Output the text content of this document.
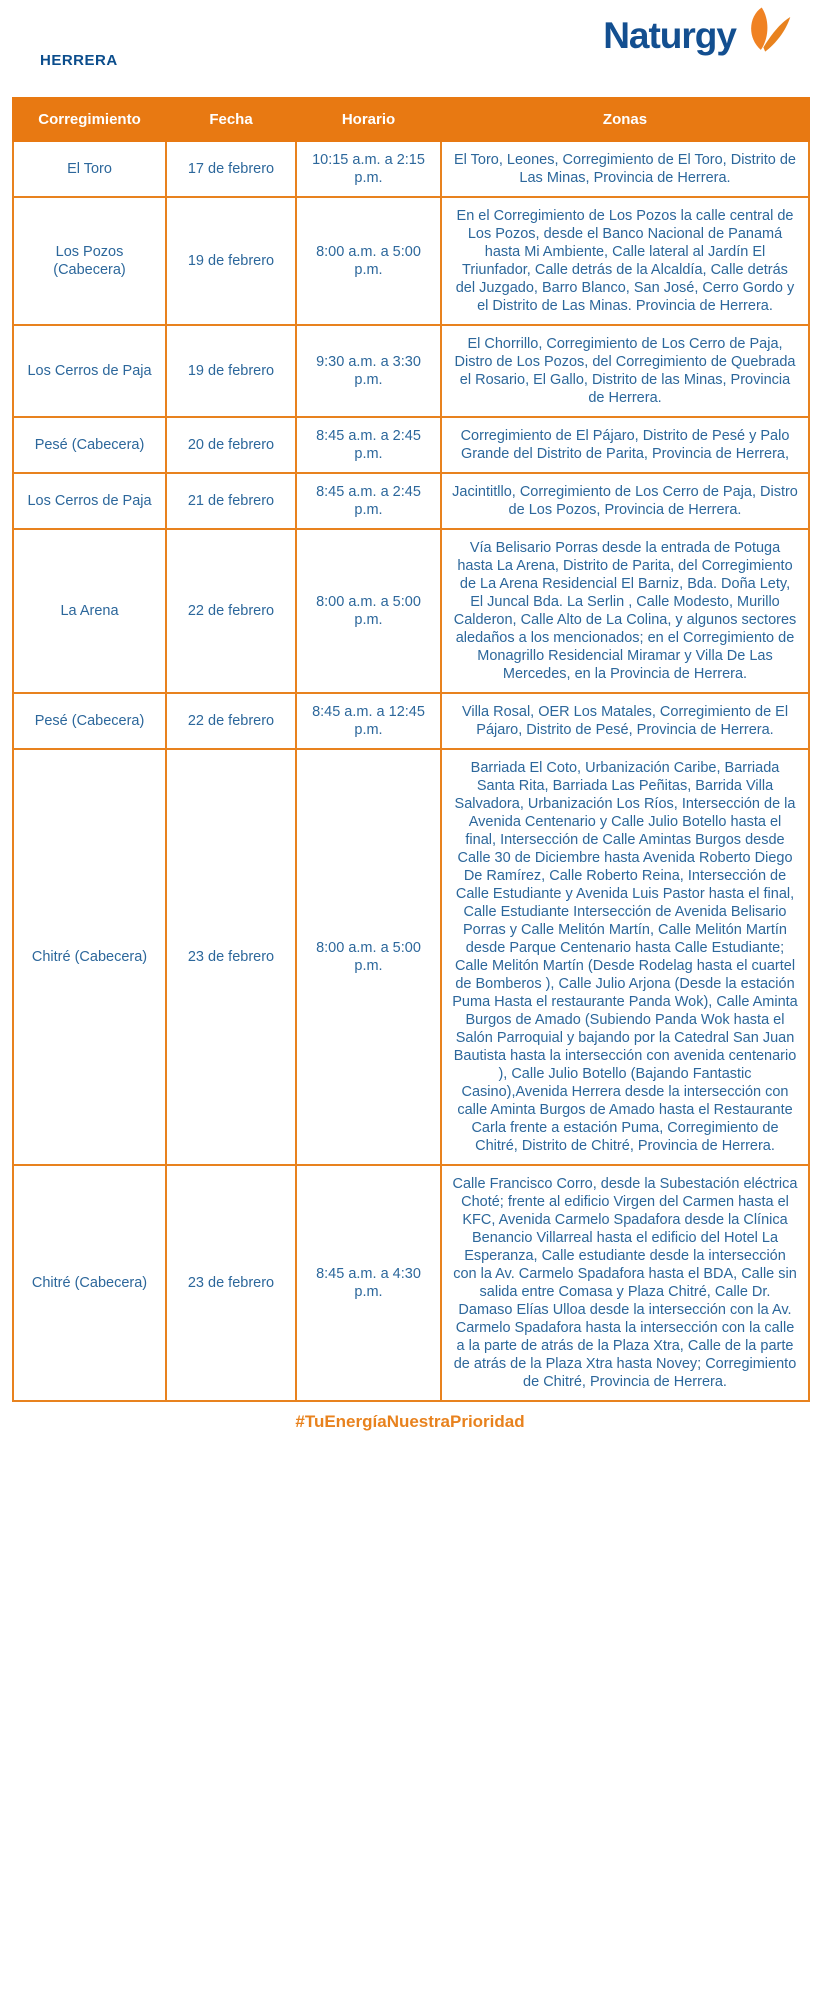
HERRERA
Naturgy
Corregimiento	Fecha	Horario	Zonas
El Toro	17 de febrero	10:15 a.m. a 2:15 p.m.	El Toro, Leones, Corregimiento de El Toro, Distrito de Las Minas, Provincia de Herrera.
Los Pozos (Cabecera)	19 de febrero	8:00 a.m. a 5:00 p.m.	En el Corregimiento de Los Pozos la calle central de Los Pozos, desde el Banco Nacional de Panamá hasta Mi Ambiente, Calle lateral al Jardín El Triunfador, Calle detrás de la Alcaldía, Calle detrás del Juzgado, Barro Blanco, San José, Cerro Gordo y el Distrito de Las Minas. Provincia de Herrera.
Los Cerros de Paja	19 de febrero	9:30 a.m. a 3:30 p.m.	El Chorrillo, Corregimiento de Los Cerro de Paja, Distro de Los Pozos, del Corregimiento de Quebrada el Rosario, El Gallo, Distrito de las Minas, Provincia de Herrera.
Pesé (Cabecera)	20 de febrero	8:45 a.m. a 2:45 p.m.	Corregimiento de El Pájaro, Distrito de Pesé y Palo Grande del Distrito de Parita, Provincia de Herrera,
Los Cerros de Paja	21 de febrero	8:45 a.m. a 2:45 p.m.	Jacintitllo, Corregimiento de Los Cerro de Paja, Distro de Los Pozos, Provincia de Herrera.
La Arena	22 de febrero	8:00 a.m. a 5:00 p.m.	Vía Belisario Porras desde la entrada de Potuga hasta La Arena, Distrito de Parita, del Corregimiento de La Arena Residencial El Barniz, Bda. Doña Lety, El Juncal Bda. La Serlin , Calle Modesto, Murillo Calderon, Calle Alto de La Colina, y algunos sectores aledaños a los mencionados; en el Corregimiento de Monagrillo Residencial Miramar y Villa De Las Mercedes, en la Provincia de Herrera.
Pesé (Cabecera)	22 de febrero	8:45 a.m. a 12:45 p.m.	Villa Rosal, OER Los Matales, Corregimiento de El Pájaro, Distrito de Pesé, Provincia de Herrera.
Chitré (Cabecera)	23 de febrero	8:00 a.m. a 5:00 p.m.	Barriada El Coto, Urbanización Caribe, Barriada Santa Rita, Barriada Las Peñitas, Barrida Villa Salvadora, Urbanización Los Ríos, Intersección de la Avenida Centenario y Calle Julio Botello hasta el final, Intersección de Calle Amintas Burgos desde Calle 30 de Diciembre hasta Avenida Roberto Diego De Ramírez, Calle Roberto Reina, Intersección de Calle Estudiante y Avenida Luis Pastor hasta el final, Calle Estudiante Intersección de Avenida Belisario Porras y Calle Melitón Martín, Calle Melitón Martín desde Parque Centenario hasta Calle Estudiante; Calle Melitón Martín (Desde Rodelag hasta el cuartel de Bomberos ), Calle Julio Arjona (Desde la estación Puma Hasta el restaurante Panda Wok), Calle Aminta Burgos de Amado (Subiendo Panda Wok hasta el Salón Parroquial y bajando por la Catedral San Juan Bautista hasta la intersección con avenida centenario ), Calle Julio Botello (Bajando Fantastic Casino),Avenida Herrera desde la intersección con calle Aminta Burgos de Amado hasta el Restaurante Carla frente a estación Puma, Corregimiento de Chitré, Distrito de Chitré, Provincia de Herrera.
Chitré (Cabecera)	23 de febrero	8:45 a.m. a 4:30 p.m.	Calle Francisco Corro, desde la Subestación eléctrica Choté; frente al edificio Virgen del Carmen hasta el KFC, Avenida Carmelo Spadafora desde la Clínica Benancio Villarreal hasta el edificio del Hotel La Esperanza, Calle estudiante desde la intersección con la Av. Carmelo Spadafora hasta el BDA, Calle sin salida entre Comasa y Plaza Chitré, Calle Dr. Damaso Elías Ulloa desde la intersección con la Av. Carmelo Spadafora hasta la intersección con la calle a la parte de atrás de la Plaza Xtra, Calle de la parte de atrás de la Plaza Xtra hasta Novey; Corregimiento de Chitré, Provincia de Herrera.
#TuEnergíaNuestraPrioridad
